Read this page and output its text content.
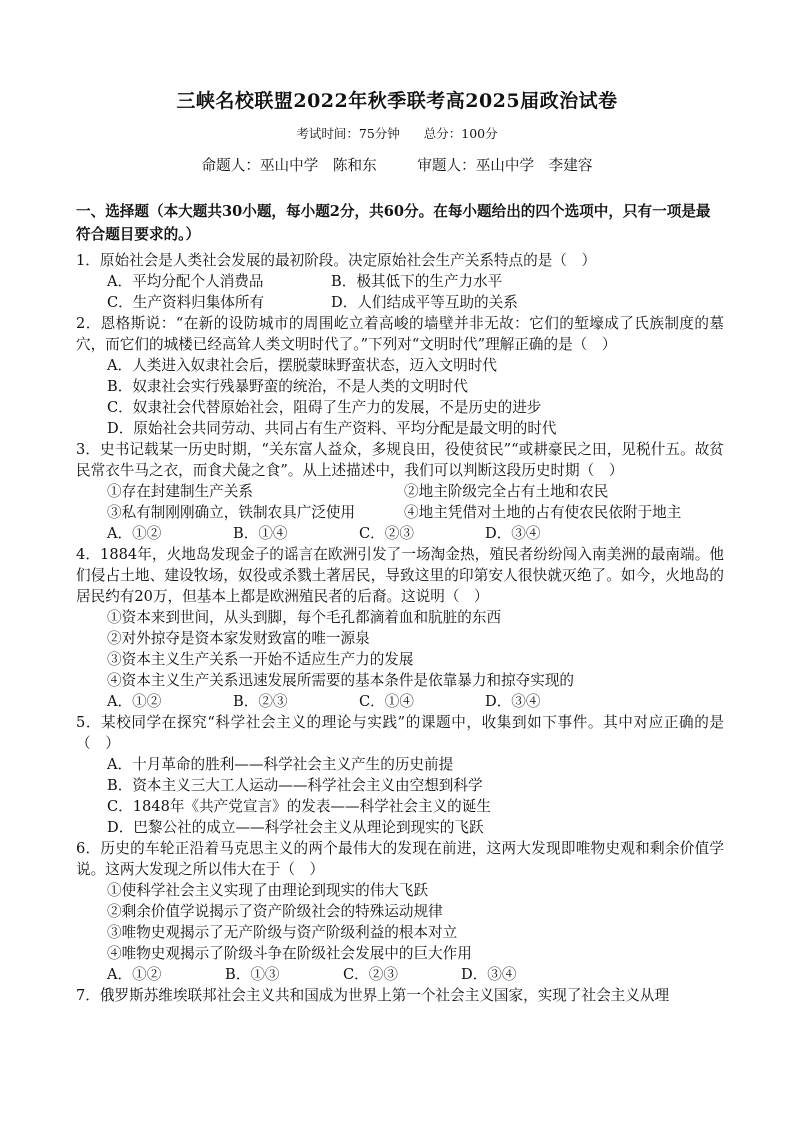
三峡名校联盟2022年秋季联考高2025届政治试卷
考试时间：75分钟 总分：100分
命题人：巫山中学　陈和东	审题人：巫山中学　李建容
一、选择题（本大题共30小题，每小题2分，共60分。在每小题给出的四个选项中，只有一项是最符合题目要求的。）
1．原始社会是人类社会发展的最初阶段。决定原始社会生产关系特点的是（　）
A．平均分配个人消费品	B．极其低下的生产力水平
C．生产资料归集体所有	D．人们结成平等互助的关系
2．恩格斯说：“在新的设防城市的周围屹立着高峻的墙壁并非无故：它们的堑壕成了氏族制度的墓穴，而它们的城楼已经高耸人类文明时代了。”下列对“文明时代”理解正确的是（　）
A．人类进入奴隶社会后，摆脱蒙昧野蛮状态，迈入文明时代
B．奴隶社会实行残暴野蛮的统治，不是人类的文明时代
C．奴隶社会代替原始社会，阻碍了生产力的发展，不是历史的进步
D．原始社会共同劳动、共同占有生产资料、平均分配是最文明的时代
3．史书记载某一历史时期，“关东富人益众，多规良田，役使贫民”“或耕豪民之田，见税什五。故贫民常衣牛马之衣，而食犬彘之食”。从上述描述中，我们可以判断这段历史时期（　）
①存在封建制生产关系	②地主阶级完全占有土地和农民
③私有制刚刚确立，铁制农具广泛使用	④地主凭借对土地的占有使农民依附于地主
A．①②	B．①④	C．②③	D．③④
4．1884年，火地岛发现金子的谣言在欧洲引发了一场淘金热，殖民者纷纷闯入南美洲的最南端。他们侵占土地、建设牧场，奴役或杀戮土著居民，导致这里的印第安人很快就灭绝了。如今，火地岛的居民约有20万，但基本上都是欧洲殖民者的后裔。这说明（　）
①资本来到世间，从头到脚，每个毛孔都滴着血和肮脏的东西
②对外掠夺是资本家发财致富的唯一源泉
③资本主义生产关系一开始不适应生产力的发展
④资本主义生产关系迅速发展所需要的基本条件是依靠暴力和掠夺实现的
A．①②	B．②③	C．①④	D．③④
5．某校同学在探究“科学社会主义的理论与实践”的课题中，收集到如下事件。其中对应正确的是（　）
A．十月革命的胜利——科学社会主义产生的历史前提
B．资本主义三大工人运动——科学社会主义由空想到科学
C．1848年《共产党宣言》的发表——科学社会主义的诞生
D．巴黎公社的成立——科学社会主义从理论到现实的飞跃
6．历史的车轮正沿着马克思主义的两个最伟大的发现在前进，这两大发现即唯物史观和剩余价值学说。这两大发现之所以伟大在于（　）
①使科学社会主义实现了由理论到现实的伟大飞跃
②剩余价值学说揭示了资产阶级社会的特殊运动规律
③唯物史观揭示了无产阶级与资产阶级利益的根本对立
④唯物史观揭示了阶级斗争在阶级社会发展中的巨大作用
A．①②	B．①③	C．②③	D．③④
7．俄罗斯苏维埃联邦社会主义共和国成为世界上第一个社会主义国家，实现了社会主义从理
